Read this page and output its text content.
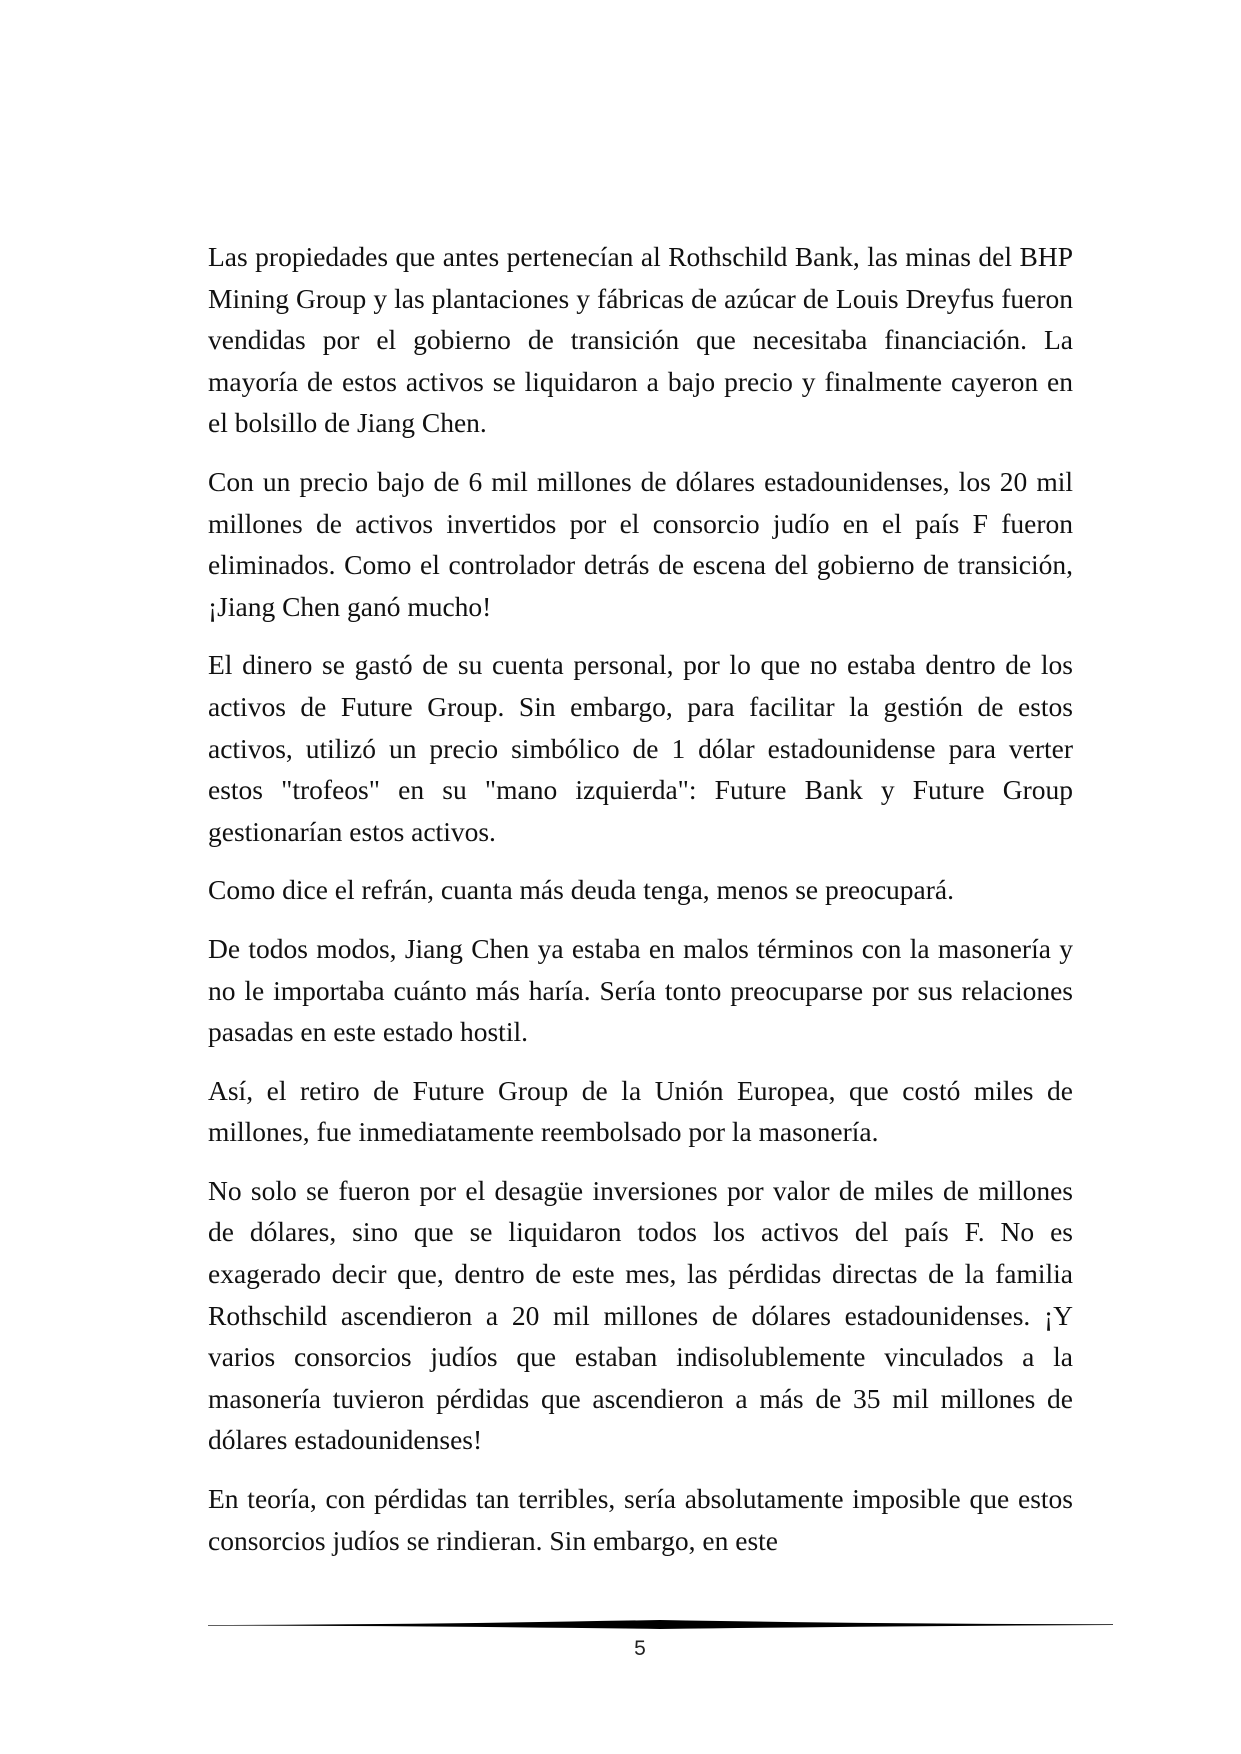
Las propiedades que antes pertenecían al Rothschild Bank, las minas del BHP Mining Group y las plantaciones y fábricas de azúcar de Louis Dreyfus fueron vendidas por el gobierno de transición que necesitaba financiación. La mayoría de estos activos se liquidaron a bajo precio y finalmente cayeron en el bolsillo de Jiang Chen.

Con un precio bajo de 6 mil millones de dólares estadounidenses, los 20 mil millones de activos invertidos por el consorcio judío en el país F fueron eliminados. Como el controlador detrás de escena del gobierno de transición, ¡Jiang Chen ganó mucho!

El dinero se gastó de su cuenta personal, por lo que no estaba dentro de los activos de Future Group. Sin embargo, para facilitar la gestión de estos activos, utilizó un precio simbólico de 1 dólar estadounidense para verter estos "trofeos" en su "mano izquierda": Future Bank y Future Group gestionarían estos activos.

Como dice el refrán, cuanta más deuda tenga, menos se preocupará.

De todos modos, Jiang Chen ya estaba en malos términos con la masonería y no le importaba cuánto más haría. Sería tonto preocuparse por sus relaciones pasadas en este estado hostil.

Así, el retiro de Future Group de la Unión Europea, que costó miles de millones, fue inmediatamente reembolsado por la masonería.

No solo se fueron por el desagüe inversiones por valor de miles de millones de dólares, sino que se liquidaron todos los activos del país F. No es exagerado decir que, dentro de este mes, las pérdidas directas de la familia Rothschild ascendieron a 20 mil millones de dólares estadounidenses. ¡Y varios consorcios judíos que estaban indisolublemente vinculados a la masonería tuvieron pérdidas que ascendieron a más de 35 mil millones de dólares estadounidenses!

En teoría, con pérdidas tan terribles, sería absolutamente imposible que estos consorcios judíos se rindieran. Sin embargo, en este

5
